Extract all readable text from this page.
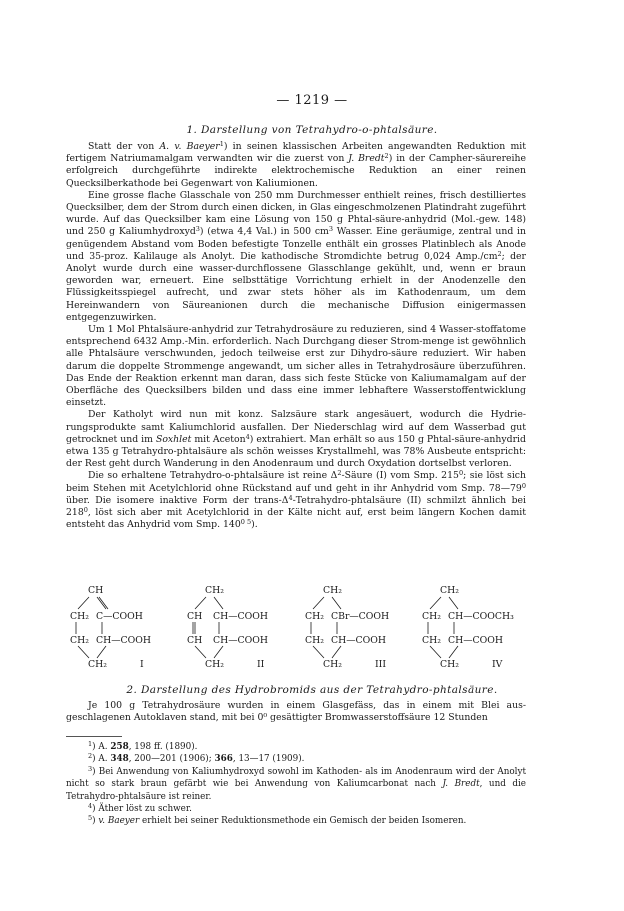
— 1219 —
1. Darstellung von Tetrahydro-o-phtalsäure.

Statt der von A. v. Baeyer$^1$) in seinen klassischen Arbeiten angewandten Reduktion mit fertigem Natriumamalgam verwandten wir die zuerst von J. Bredt$^2$) in der Campher-säurereihe erfolgreich durchgeführte indirekte elektrochemische Reduktion an einer reinen Quecksilberkathode bei Gegenwart von Kaliumionen.

Eine grosse flache Glasschale von 250 mm Durchmesser enthielt reines, frisch destilliertes Quecksilber, dem der Strom durch einen dicken, in Glas eingeschmolzenen Platindraht zugeführt wurde. Auf das Quecksilber kam eine Lösung von 150 g Phtal-säure-anhydrid (Mol.-gew. 148) und 250 g Kaliumhydroxyd$^3$) (etwa 4,4 Val.) in 500 $cm^3$ Wasser. Eine geräumige, zentral und in genügendem Abstand vom Boden befestigte Tonzelle enthält ein grosses Platinblech als Anode und 35-proz. Kalilauge als Anolyt. Die kathodische Stromdichte betrug 0,024 $Amp./cm^2$; der Anolyt wurde durch eine wasser-durchflossene Glasschlange gekühlt, und, wenn er braun geworden war, erneuert. Eine selbsttätige Vorrichtung erhielt in der Anodenzelle den Flüssigkeitsspiegel aufrecht, und zwar stets höher als im Kathodenraum, um dem Hereinwandern von Säureanionen durch die mechanische Diffusion einigermassen entgegenzuwirken.

Um 1 Mol Phtalsäure-anhydrid zur Tetrahydrosäure zu reduzieren, sind 4 Wasser-stoffatome entsprechend 6432 Amp.-Min. erforderlich. Nach Durchgang dieser Strom-menge ist gewöhnlich alle Phtalsäure verschwunden, jedoch teilweise erst zur Dihydro-säure reduziert. Wir haben darum die doppelte Strommenge angewandt, um sicher alles in Tetrahydrosäure überzuführen. Das Ende der Reaktion erkennt man daran, dass sich feste Stücke von Kaliumamalgam auf der Oberfläche des Quecksilbers bilden und dass eine immer lebhaftere Wasserstoffentwicklung einsetzt.

Der Katholyt wird nun mit konz. Salzsäure stark angesäuert, wodurch die Hydrie-rungsprodukte samt Kaliumchlorid ausfallen. Der Niederschlag wird auf dem Wasserbad gut getrocknet und im Soxhlet mit Aceton$^4$) extrahiert. Man erhält so aus 150 g Phtal-säure-anhydrid etwa 135 g Tetrahydro-phtalsäure als schön weisses Krystallmehl, was 78% Ausbeute entspricht: der Rest geht durch Wanderung in den Anodenraum und durch Oxydation dortselbst verloren.

Die so erhaltene Tetrahydro-o-phtalsäure ist reine $\Delta^2$-Säure (I) vom Smp. $215^0$; sie löst sich beim Stehen mit Acetylchlorid ohne Rückstand auf und geht in ihr Anhydrid vom Smp. $78—79^0$ über. Die isomere inaktive Form der trans-$\Delta^4-Tetrahydro$-phtalsäure (II) schmilzt ähnlich bei $218^0$, löst sich aber mit Acetylchlorid in der Kälte nicht auf, erst beim längern Kochen damit entsteht das Anhydrid vom Smp. $140^{0 5}$).

CH
CH₂ C—COOH
CH₂ CH—COOH
CH₂	I
CH₂
CH CH—COOH
CH CH—COOH
CH₂	II
CH₂
CH₂ CBr—COOH
CH₂ CH—COOH
CH₂	III
CH₂
CH₂ CH—COOCH₃
CH₂ CH—COOH
CH₂	IV
2. Darstellung des Hydrobromids aus der Tetrahydro-phtalsäure.

Je 100 g Tetrahydrosäure wurden in einem Glasgefäss, das in einem mit Blei aus-geschlagenen Autoklaven stand, mit bei 0⁰ gesättigter Bromwasserstoffsäure 12 Stunden

$^1$) A. 258, 198 ff. (1890).

$^2$) A. 348, 200—201 (1906); 366, 13—17 (1909).

$^3$) Bei Anwendung von Kaliumhydroxyd sowohl im Kathoden- als im Anodenraum wird der Anolyt nicht so stark braun gefärbt wie bei Anwendung von Kaliumcarbonat nach J. Bredt, und die Tetrahydro-phtalsäure ist reiner.

$^4$) Äther löst zu schwer.

$^5$) v. Baeyer erhielt bei seiner Reduktionsmethode ein Gemisch der beiden Isomeren.
